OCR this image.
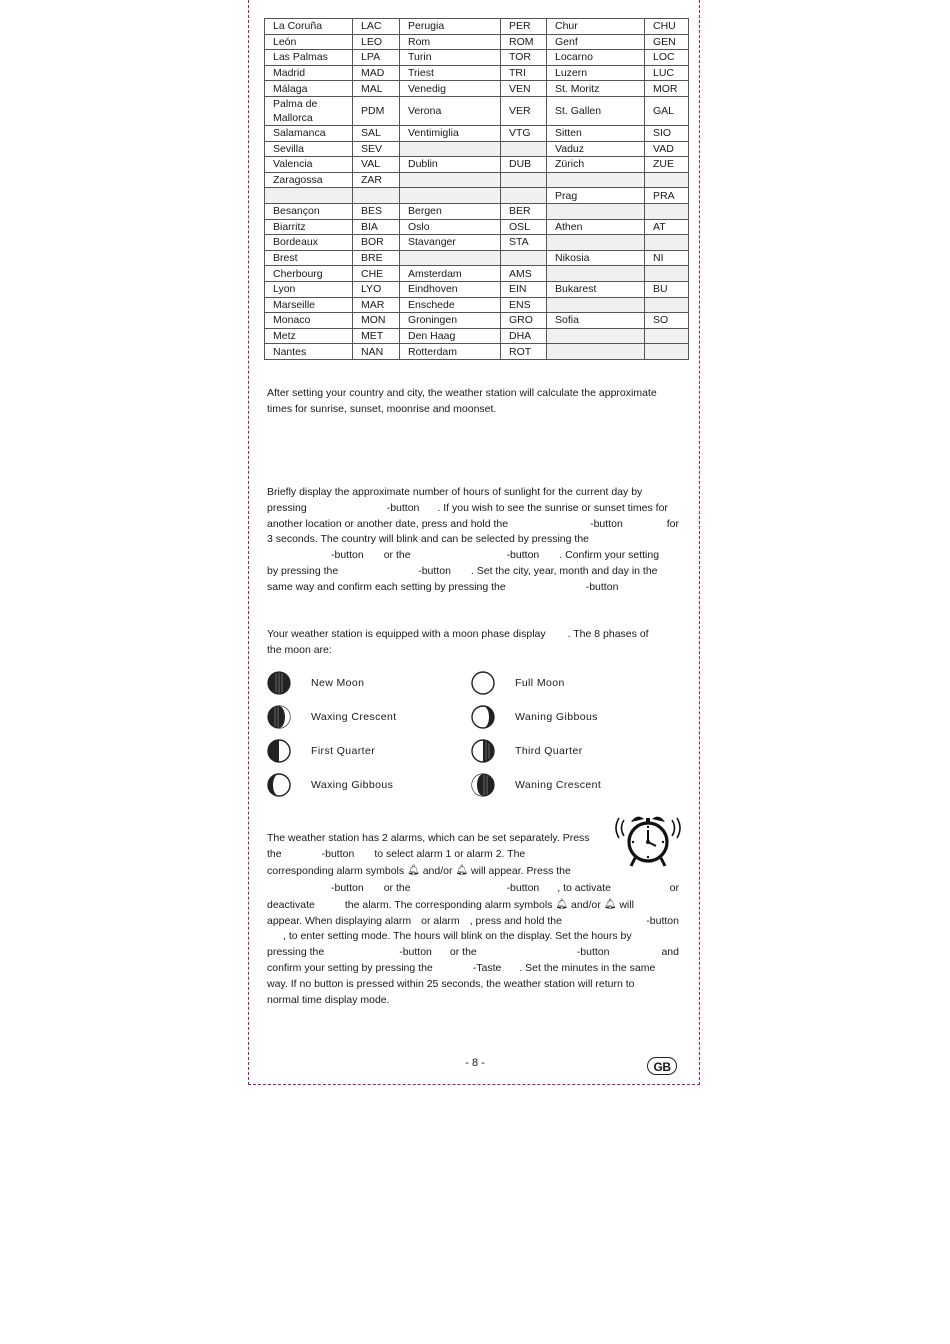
La Coruña	LAC	Perugia	PER	Chur	CHU
León	LEO	Rom	ROM	Genf	GEN
Las Palmas	LPA	Turin	TOR	Locarno	LOC
Madrid	MAD	Triest	TRI	Luzern	LUC
Málaga	MAL	Venedig	VEN	St. Moritz	MOR
Palma de Mallorca	PDM	Verona	VER	St. Gallen	GAL
Salamanca	SAL	Ventimiglia	VTG	Sitten	SIO
Sevilla	SEV			Vaduz	VAD
Valencia	VAL	Dublin	DUB	Zürich	ZUE
Zaragossa	ZAR				
				Prag	PRA
Besançon	BES	Bergen	BER		
Biarritz	BIA	Oslo	OSL	Athen	AT
Bordeaux	BOR	Stavanger	STA		
Brest	BRE			Nikosia	NI
Cherbourg	CHE	Amsterdam	AMS		
Lyon	LYO	Eindhoven	EIN	Bukarest	BU
Marseille	MAR	Enschede	ENS		
Monaco	MON	Groningen	GRO	Sofia	SO
Metz	MET	Den Haag	DHA		
Nantes	NAN	Rotterdam	ROT		

After setting your country and city, the weather station will calculate the approximate times for sunrise, sunset, moonrise and moonset.

Briefly display the approximate number of hours of sunlight for the current day by
pressing	-button . If you wish to see the sunrise or sunset times for
another location or another date, press and hold the	-button	for
3 seconds. The country will blink and can be selected by pressing the
-button or the	-button . Confirm your setting
by pressing the	-button . Set the city, year, month and day in the
same way and confirm each setting by pressing the	-button
Your weather station is equipped with a moon phase display . The 8 phases of
the moon are:
New Moon	Full Moon
Waxing Crescent	Waning Gibbous
First Quarter	Third Quarter
Waxing Gibbous	Waning Crescent
The weather station has 2 alarms, which can be set separately. Press
the	-button to select alarm 1 or alarm 2. The
corresponding alarm symbols 🔔︎ and/or 🔔︎ will appear. Press the
-button or the	-button , to activate	or
deactivate	the alarm. The corresponding alarm symbols 🔔︎ and/or 🔔︎ will
appear. When displaying alarm or alarm , press and hold the	-button
, to enter setting mode. The hours will blink on the display. Set the hours by
pressing the	-button or the	-button	and
confirm your setting by pressing the	-Taste . Set the minutes in the same
way. If no button is pressed within 25 seconds, the weather station will return to
normal time display mode.
- 8 -	GB
